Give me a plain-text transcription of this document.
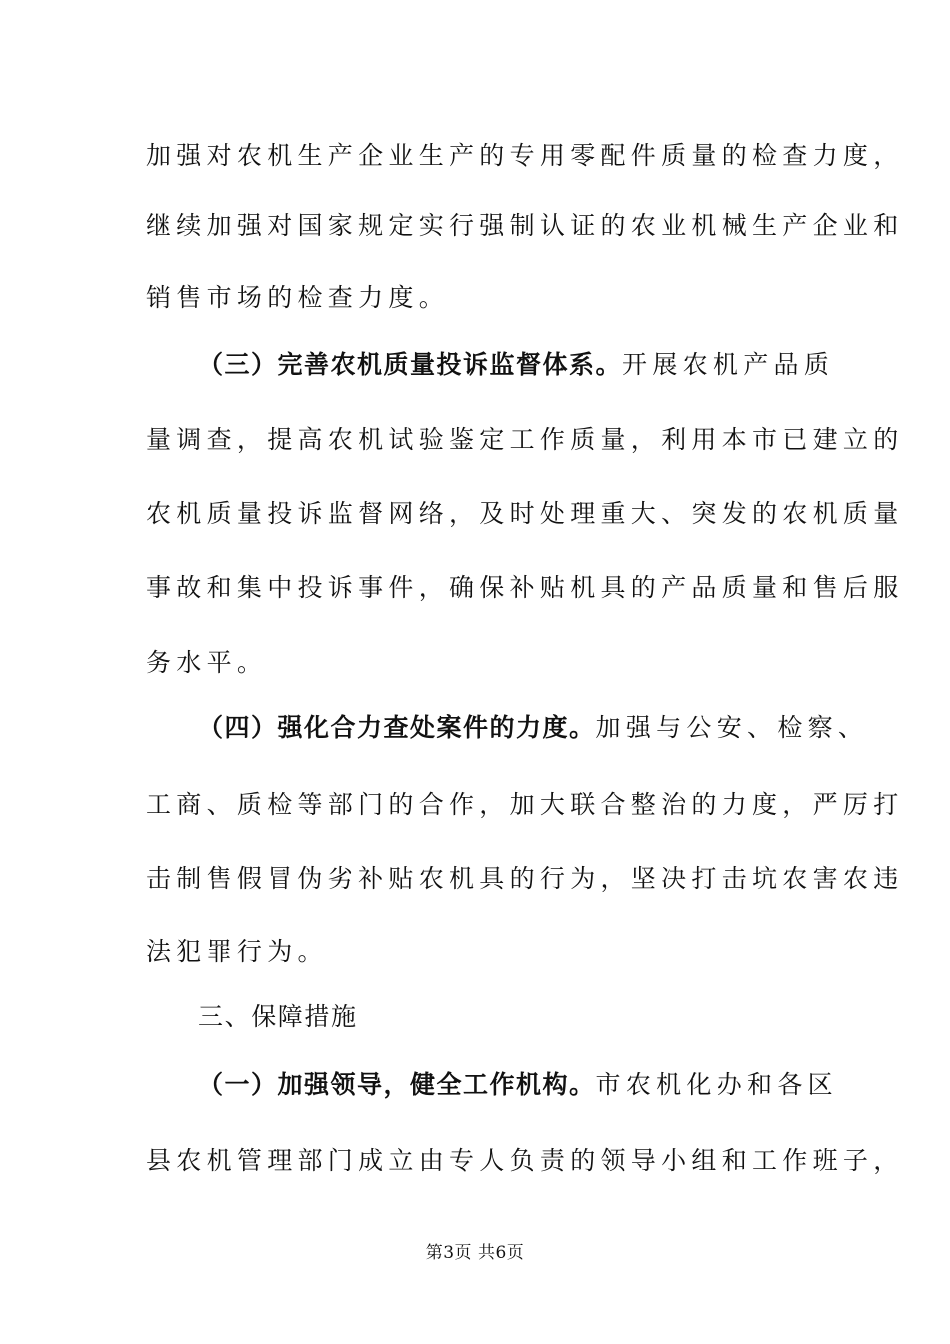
加强对农机生产企业生产的专用零配件质量的检查力度，
继续加强对国家规定实行强制认证的农业机械生产企业和
销售市场的检查力度。
（三）完善农机质量投诉监督体系。开展农机产品质
量调查，提高农机试验鉴定工作质量，利用本市已建立的
农机质量投诉监督网络，及时处理重大、突发的农机质量
事故和集中投诉事件，确保补贴机具的产品质量和售后服
务水平。
（四）强化合力查处案件的力度。加强与公安、检察、
工商、质检等部门的合作，加大联合整治的力度，严厉打
击制售假冒伪劣补贴农机具的行为，坚决打击坑农害农违
法犯罪行为。
三、保障措施
（一）加强领导，健全工作机构。市农机化办和各区
县农机管理部门成立由专人负责的领导小组和工作班子，
第3页 共6页
